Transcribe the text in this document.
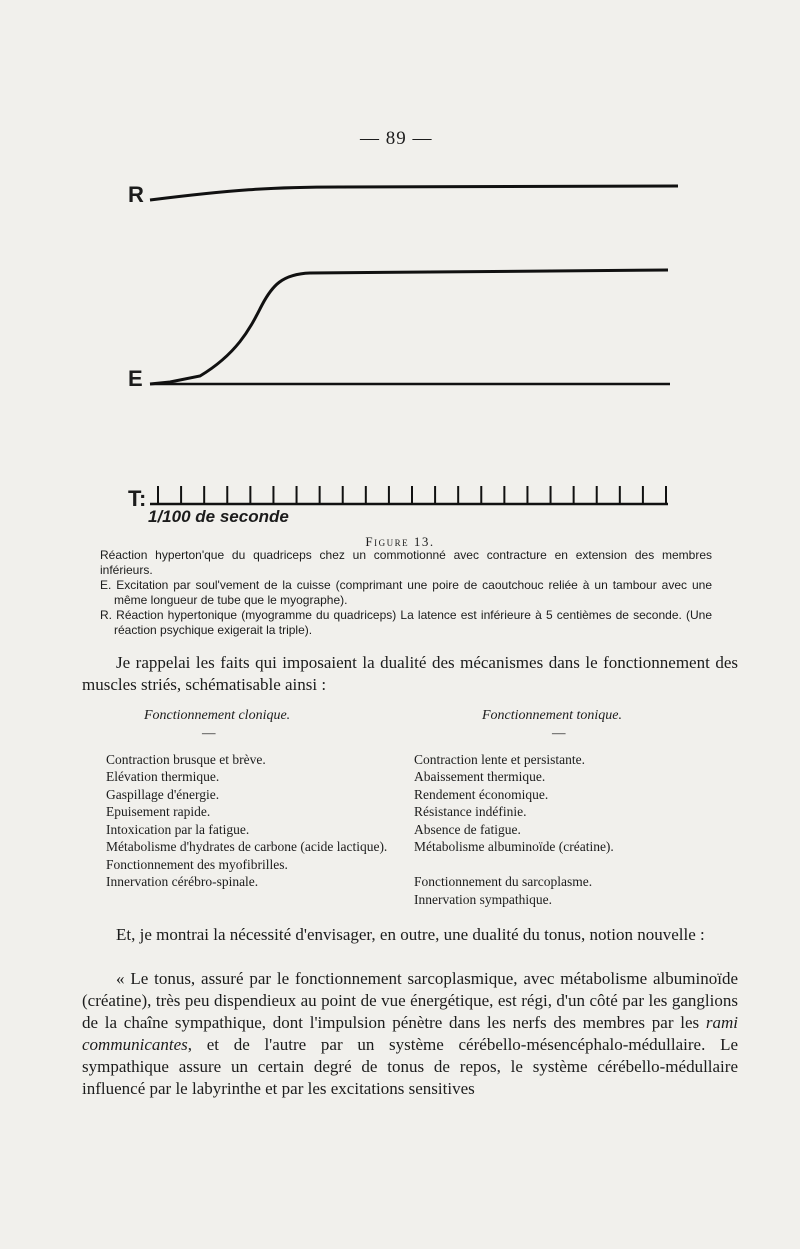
— 89 —
R
E
T:
1/100 de seconde
Figure 13.

Réaction hyperton'que du quadriceps chez un commotionné avec contracture en extension des membres inférieurs.

E. Excitation par soul'vement de la cuisse (comprimant une poire de caoutchouc reliée à un tambour avec une même longueur de tube que le myographe).

R. Réaction hypertonique (myogramme du quadriceps) La latence est inférieure à 5 centièmes de seconde. (Une réaction psychique exigerait la triple).

Je rappelai les faits qui imposaient la dualité des mécanismes dans le fonctionnement des muscles striés, schématisable ainsi :

Fonctionnement clonique.
—
Contraction brusque et brève.
Elévation thermique.
Gaspillage d'énergie.
Epuisement rapide.
Intoxication par la fatigue.
Métabolisme d'hydrates de carbone (acide lactique).
Fonctionnement des myofibrilles.
Innervation cérébro-spinale.
Fonctionnement tonique.
—
Contraction lente et persistante.
Abaissement thermique.
Rendement économique.
Résistance indéfinie.
Absence de fatigue.
Métabolisme albuminoïde (créatine).

Fonctionnement du sarcoplasme.
Innervation sympathique.

Et, je montrai la nécessité d'envisager, en outre, une dualité du tonus, notion nouvelle :

« Le tonus, assuré par le fonctionnement sarcoplasmique, avec métabolisme albuminoïde (créatine), très peu dispendieux au point de vue énergétique, est régi, d'un côté par les ganglions de la chaîne sympathique, dont l'impulsion pénètre dans les nerfs des membres par les rami communicantes, et de l'autre par un système cérébello-mésencéphalo-médullaire. Le sympathique assure un certain degré de tonus de repos, le système cérébello-médullaire influencé par le labyrinthe et par les excitations sensitives
